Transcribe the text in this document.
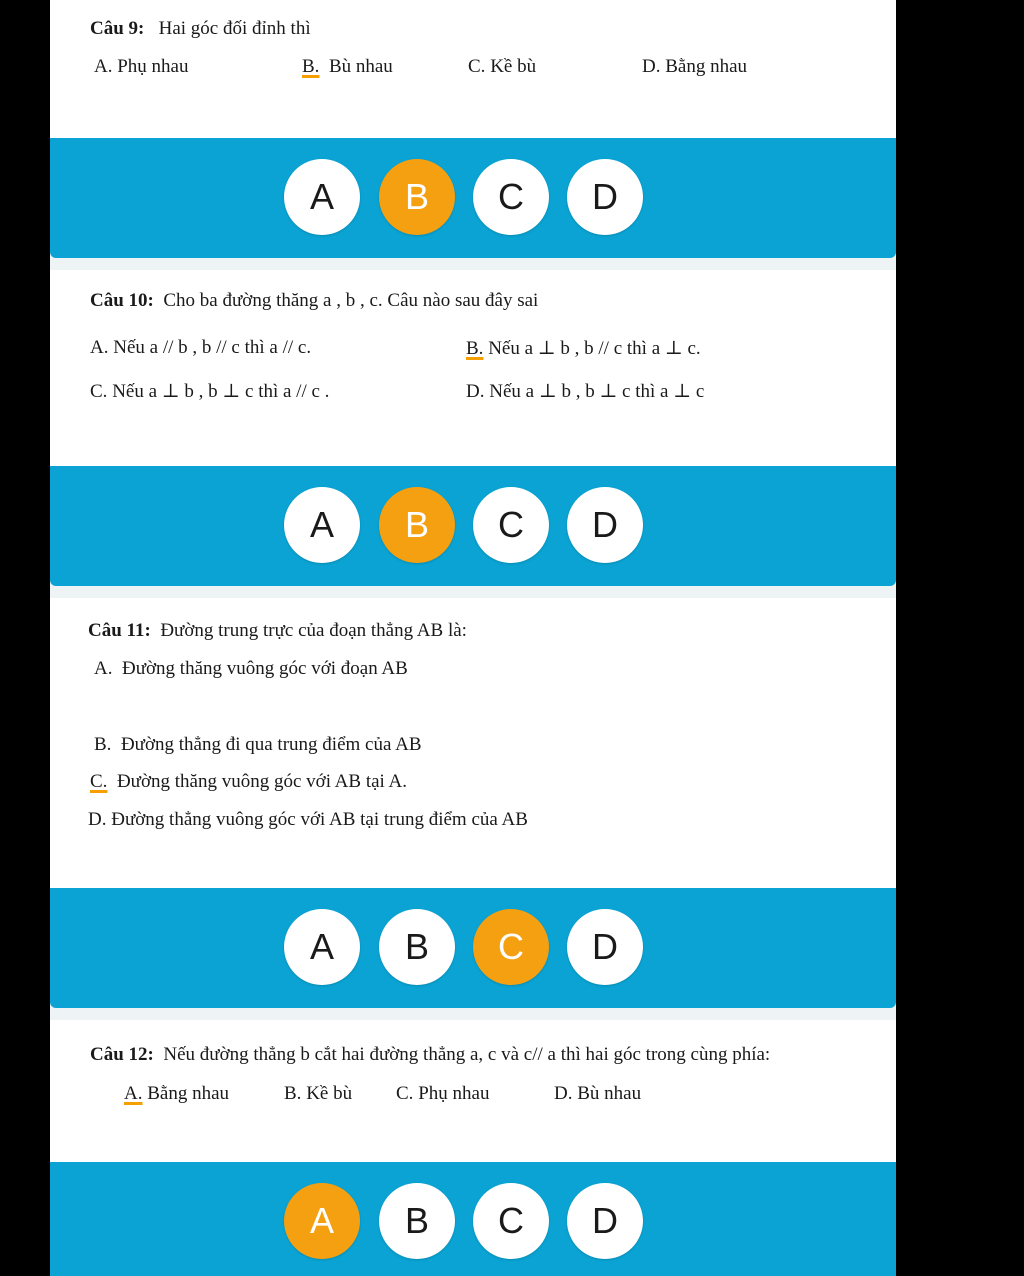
Câu 9: Hai góc đối đỉnh thì
A. Phụ nhau	B. Bù nhau	C. Kề bù	D. Bằng nhau
A	B	C	D
Câu 10: Cho ba đường thăng a , b , c. Câu nào sau đây sai
A. Nếu a // b , b // c thì a // c.	B. Nếu a ⊥ b , b // c thì a ⊥ c.
C. Nếu a ⊥ b , b ⊥ c thì a // c .	D. Nếu a ⊥ b , b ⊥ c thì a ⊥ c
A	B	C	D
Câu 11: Đường trung trực của đoạn thẳng AB là:
A. Đường thăng vuông góc với đoạn AB
B. Đường thẳng đi qua trung điểm của AB
C. Đường thăng vuông góc với AB tại A.
D. Đường thẳng vuông góc với AB tại trung điểm của AB
A	B	C	D
Câu 12: Nếu đường thẳng b cắt hai đường thẳng a, c và c// a thì hai góc trong cùng phía:
A. Bằng nhau	B. Kề bù C. Phụ nhau	D. Bù nhau
A	B	C	D
